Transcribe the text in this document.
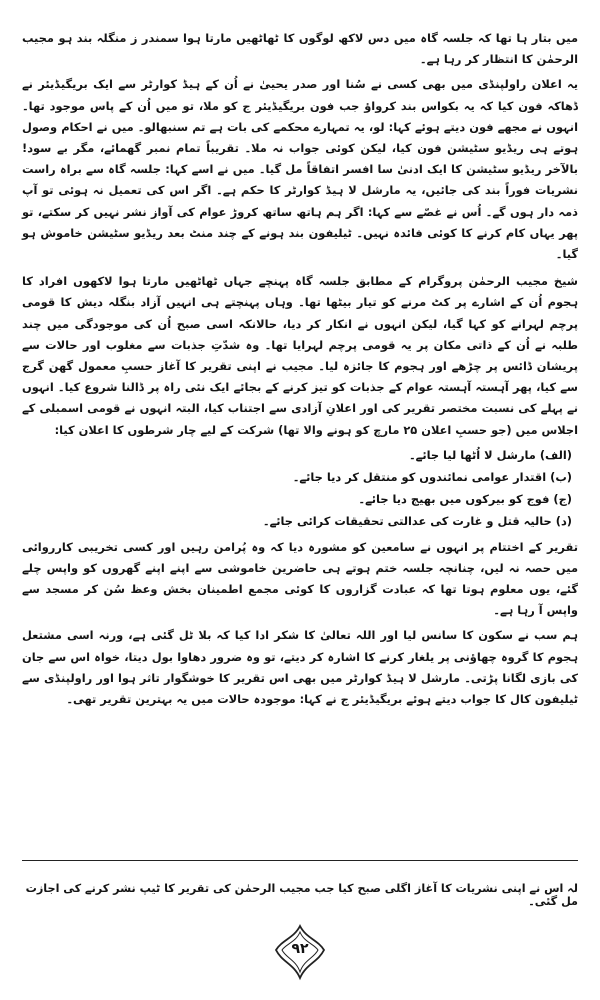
میں بتار ہا تھا کہ جلسہ گاہ میں دس لاکھ لوگوں کا ٹھاٹھیں مارتا ہوا سمندر ز منگلہ بند ہو مجیب الرحمٰن کا انتظار کر رہا ہے۔
یہ اعلان راولپنڈی میں بھی کسی نے سُنا اور صدر یحییٰ نے اُن کے ہیڈ کوارٹر سے ایک بریگیڈیئر نے ڈھاکہ فون کیا کہ یہ بکواس بند کرواؤ جب فون بریگیڈیئر ج کو ملا، تو میں اُن کے پاس موجود تھا۔ انہوں نے مجھے فون دیتے ہوئے کہا: لو، یہ تمہارے محکمے کی بات ہے تم سنبھالو۔ میں نے احکام وصول ہوتے ہی ریڈیو سٹیشن فون کیا، لیکن کوئی جواب نہ ملا۔ تقریباً تمام نمبر گھمائے، مگر بے سود! بالآخر ریڈیو سٹیشن کا ایک ادنیٰ سا افسر اتفاقاً مل گیا۔ میں نے اسے کہا: جلسہ گاہ سے براہ راست نشریات فوراً بند کی جائیں، یہ مارشل لا ہیڈ کوارٹر کا حکم ہے۔ اگر اس کی تعمیل نہ ہوئی تو آپ ذمہ دار ہوں گے۔ اُس نے غصّے سے کہا: اگر ہم ہاتھ ساتھ کروڑ عوام کی آواز نشر نہیں کر سکتے، تو پھر یہاں کام کرنے کا کوئی فائدہ نہیں۔ ٹیلیفون بند ہونے کے چند منٹ بعد ریڈیو سٹیشن خاموش ہو گیا۔
شیخ مجیب الرحمٰن پروگرام کے مطابق جلسہ گاہ پہنچے جہاں ٹھاٹھیں مارتا ہوا لاکھوں افراد کا ہجوم اُن کے اشارے پر کٹ مرنے کو تیار بیٹھا تھا۔ وہاں پہنچتے ہی انہیں آزاد بنگلہ دیش کا قومی پرچم لہرانے کو کہا گیا، لیکن انہوں نے انکار کر دیا، حالانکہ اسی صبح اُن کی موجودگی میں چند طلبہ نے اُن کے ذاتی مکان پر یہ قومی پرچم لہرایا تھا۔ وہ شدّتِ جذبات سے مغلوب اور حالات سے پریشان ڈائس پر چڑھے اور ہجوم کا جائزہ لیا۔ مجیب نے اپنی تقریر کا آغاز حسبِ معمول گھن گرج سے کیا، پھر آہستہ آہستہ عوام کے جذبات کو تیز کرنے کے بجائے ایک نئی راہ پر ڈالنا شروع کیا۔ انہوں نے پہلے کی نسبت مختصر تقریر کی اور اعلانِ آزادی سے اجتناب کیا، البتہ انہوں نے قومی اسمبلی کے اجلاس میں (جو حسبِ اعلان ۲۵ مارچ کو ہونے والا تھا) شرکت کے لیے چار شرطوں کا اعلان کیا:
(الف) مارشل لا اُٹھا لیا جائے۔
(ب) اقتدار عوامی نمائندوں کو منتقل کر دیا جائے۔
(ج) فوج کو بیرکوں میں بھیج دیا جائے۔
(د) حالیہ قتل و غارت کی عدالتی تحقیقات کرائی جائے۔
تقریر کے اختتام پر انہوں نے سامعین کو مشورہ دیا کہ وہ پُرامن رہیں اور کسی تخریبی کارروائی میں حصہ نہ لیں، چنانچہ جلسہ ختم ہوتے ہی حاضرین خاموشی سے اپنے اپنے گھروں کو واپس چلے گئے، یوں معلوم ہوتا تھا کہ عبادت گزاروں کا کوئی مجمع اطمینان بخش وعظ سُن کر مسجد سے واپس آ رہا ہے۔
ہم سب نے سکون کا سانس لیا اور اللہ تعالیٰ کا شکر ادا کیا کہ بلا ٹل گئی ہے، ورنہ اسی مشتعل ہجوم کا گروہ چھاؤنی پر یلغار کرنے کا اشارہ کر دیتے، تو وہ ضرور دھاوا بول دیتا، خواہ اس سے جان کی بازی لگانا پڑتی۔ مارشل لا ہیڈ کوارٹر میں بھی اس تقریر کا خوشگوار تاثر ہوا اور راولپنڈی سے ٹیلیفون کال کا جواب دیتے ہوئے بریگیڈیئر ج نے کہا: موجودہ حالات میں یہ بہترین تقریر تھی۔
لہ اس نے اپنی نشریات کا آغاز اگلی صبح کیا جب مجیب الرحمٰن کی تقریر کا ٹیپ نشر کرنے کی اجازت مل گئی۔
۹۲
